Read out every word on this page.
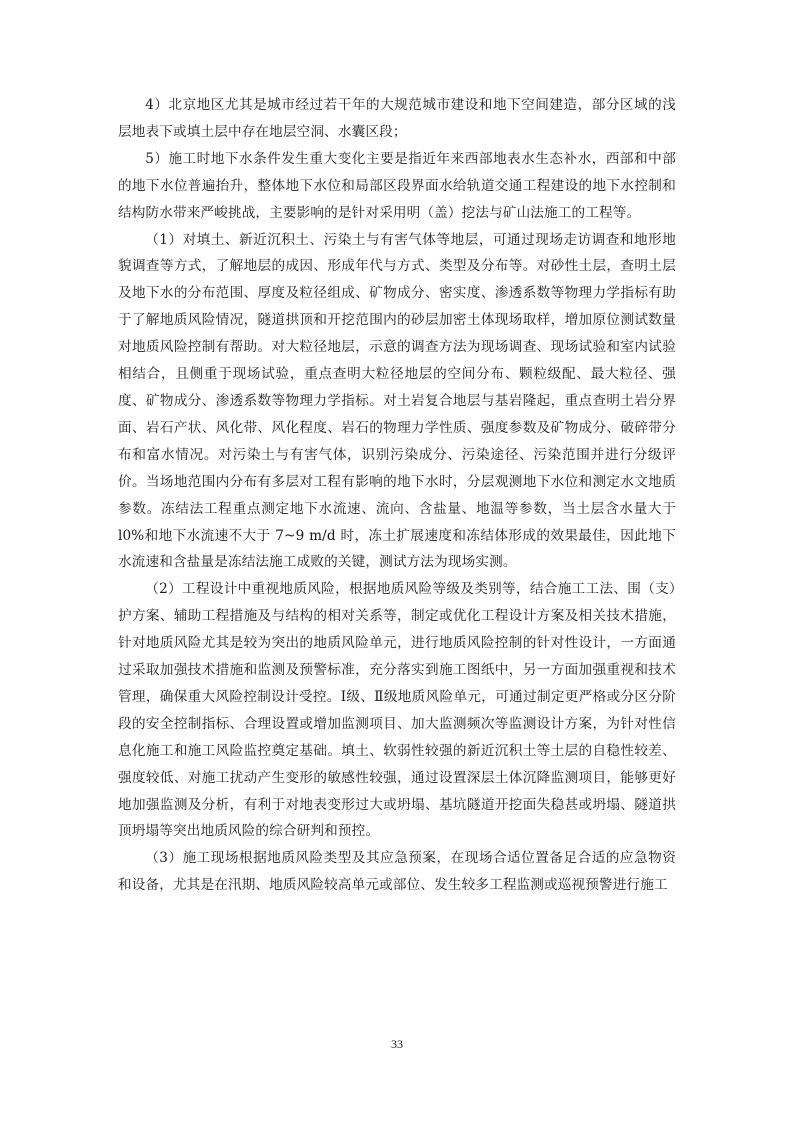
4）北京地区尤其是城市经过若干年的大规范城市建设和地下空间建造，部分区域的浅层地表下或填土层中存在地层空洞、水囊区段；

5）施工时地下水条件发生重大变化主要是指近年来西部地表水生态补水，西部和中部的地下水位普遍抬升，整体地下水位和局部区段界面水给轨道交通工程建设的地下水控制和结构防水带来严峻挑战，主要影响的是针对采用明（盖）挖法与矿山法施工的工程等。

（1）对填土、新近沉积土、污染土与有害气体等地层，可通过现场走访调查和地形地貌调查等方式，了解地层的成因、形成年代与方式、类型及分布等。对砂性土层，查明土层及地下水的分布范围、厚度及粒径组成、矿物成分、密实度、渗透系数等物理力学指标有助于了解地质风险情况，隧道拱顶和开挖范围内的砂层加密土体现场取样，增加原位测试数量对地质风险控制有帮助。对大粒径地层，示意的调查方法为现场调查、现场试验和室内试验相结合，且侧重于现场试验，重点查明大粒径地层的空间分布、颗粒级配、最大粒径、强度、矿物成分、渗透系数等物理力学指标。对土岩复合地层与基岩隆起，重点查明土岩分界面、岩石产状、风化带、风化程度、岩石的物理力学性质、强度参数及矿物成分、破碎带分布和富水情况。对污染土与有害气体，识别污染成分、污染途径、污染范围并进行分级评价。当场地范围内分布有多层对工程有影响的地下水时，分层观测地下水位和测定水文地质参数。冻结法工程重点测定地下水流速、流向、含盐量、地温等参数，当土层含水量大于 l0%和地下水流速不大于 7~9 m/d 时，冻土扩展速度和冻结体形成的效果最佳，因此地下水流速和含盐量是冻结法施工成败的关键，测试方法为现场实测。

（2）工程设计中重视地质风险，根据地质风险等级及类别等，结合施工工法、围（支）护方案、辅助工程措施及与结构的相对关系等，制定或优化工程设计方案及相关技术措施，针对地质风险尤其是较为突出的地质风险单元，进行地质风险控制的针对性设计，一方面通过采取加强技术措施和监测及预警标准，充分落实到施工图纸中，另一方面加强重视和技术管理，确保重大风险控制设计受控。Ⅰ级、Ⅱ级地质风险单元，可通过制定更严格或分区分阶段的安全控制指标、合理设置或增加监测项目、加大监测频次等监测设计方案，为针对性信息化施工和施工风险监控奠定基础。填土、软弱性较强的新近沉积土等土层的自稳性较差、强度较低、对施工扰动产生变形的敏感性较强，通过设置深层土体沉降监测项目，能够更好地加强监测及分析，有利于对地表变形过大或坍塌、基坑隧道开挖面失稳甚或坍塌、隧道拱顶坍塌等突出地质风险的综合研判和预控。

（3）施工现场根据地质风险类型及其应急预案，在现场合适位置备足合适的应急物资和设备，尤其是在汛期、地质风险较高单元或部位、发生较多工程监测或巡视预警进行施工

33
